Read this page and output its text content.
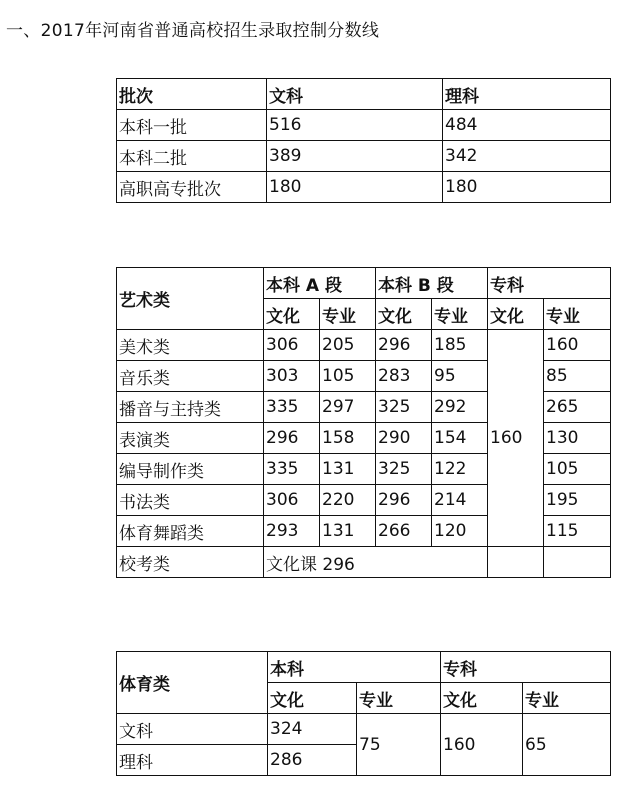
一、2017年河南省普通高校招生录取控制分数线
批次	文科	理科
本科一批	516	484
本科二批	389	342
高职高专批次	180	180
艺术类	本科 A 段		本科 B 段		专科	
	文化	专业	文化	专业	文化	专业
美术类	306	205	296	185	160	160
音乐类	303	105	283	95		85
播音与主持类	335	297	325	292		265
表演类	296	158	290	154		130
编导制作类	335	131	325	122		105
书法类	306	220	296	214		195
体育舞蹈类	293	131	266	120		115
校考类	文化课 296					
体育类	本科		专科	
	文化	专业	文化	专业
文科	324	75	160	65
理科	286			
